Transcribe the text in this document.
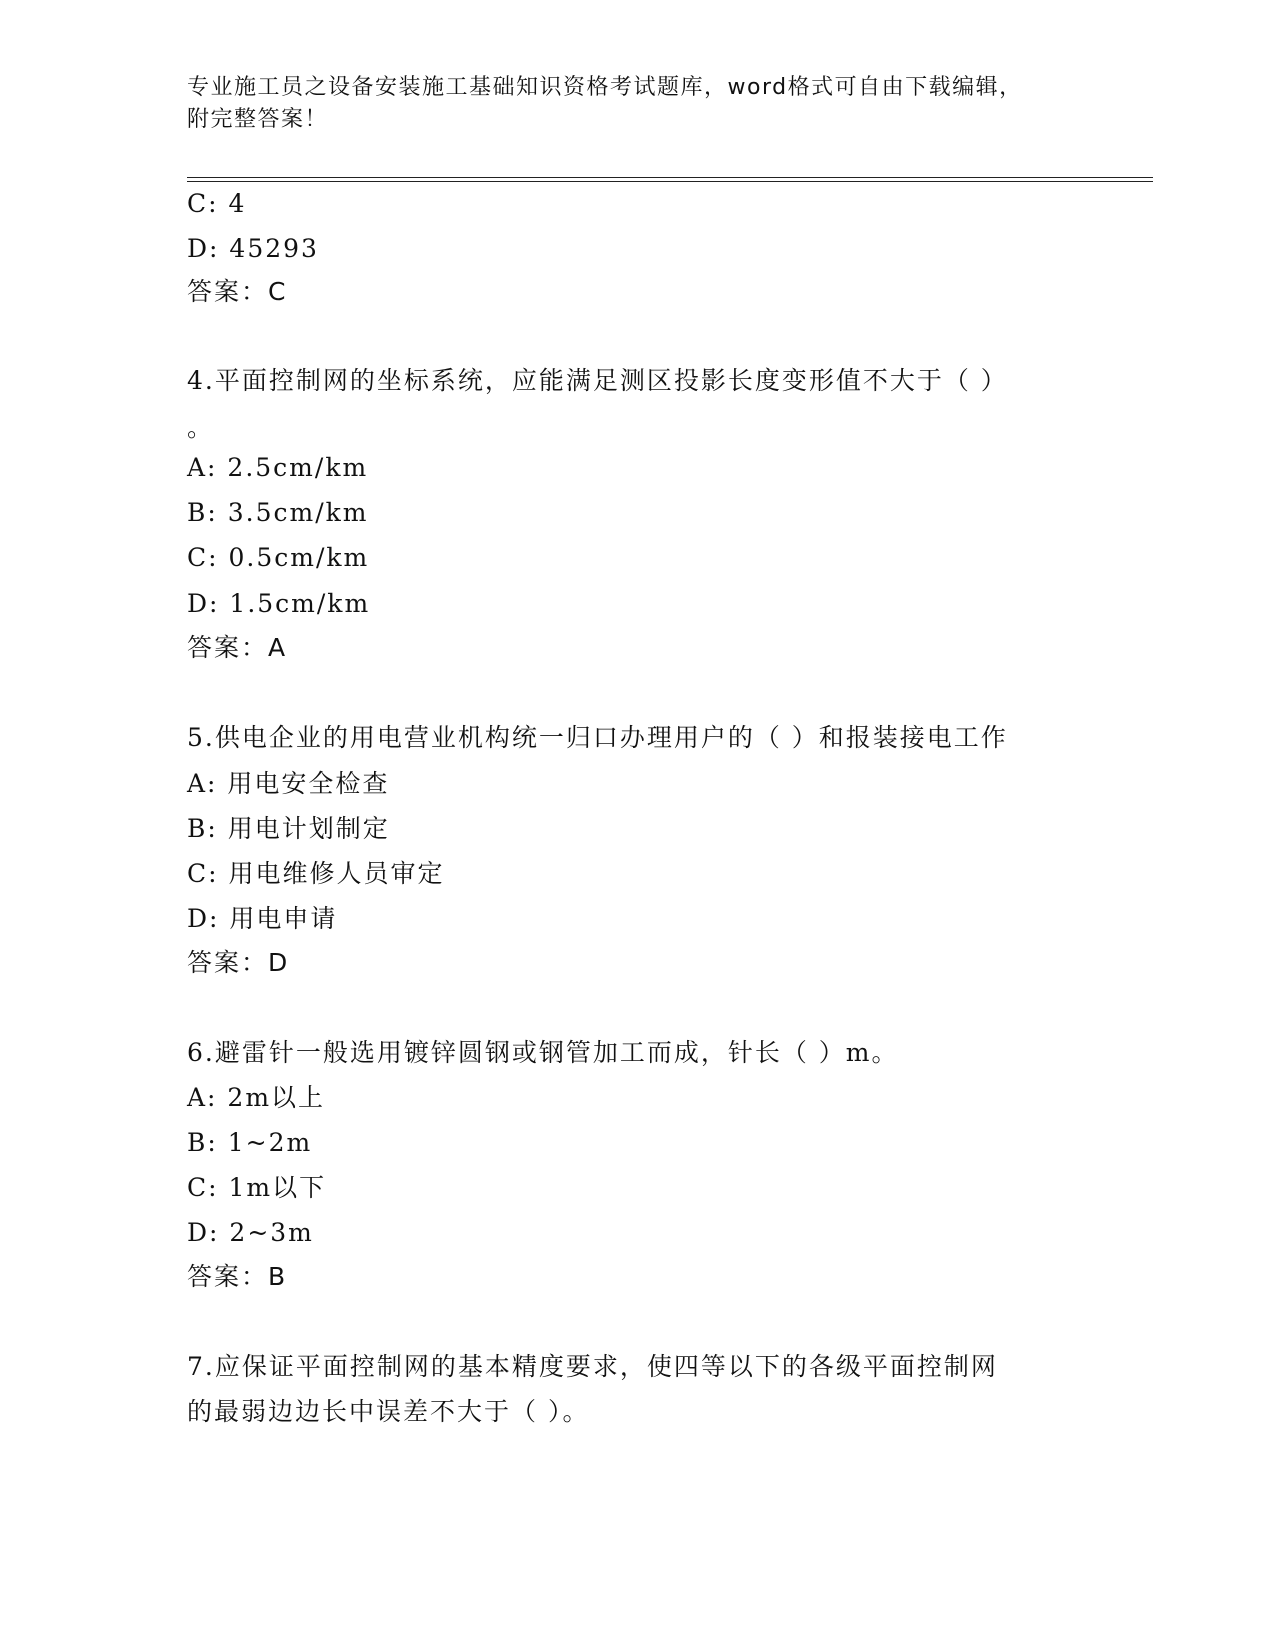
专业施工员之设备安装施工基础知识资格考试题库，word格式可自由下载编辑，
附完整答案！
C: 4
D: 45293
答案：C
4.平面控制网的坐标系统，应能满足测区投影长度变形值不大于（ ）
。
A: 2.5cm/km
B: 3.5cm/km
C: 0.5cm/km
D: 1.5cm/km
答案：A
5.供电企业的用电营业机构统一归口办理用户的（ ）和报装接电工作
A: 用电安全检查
B: 用电计划制定
C: 用电维修人员审定
D: 用电申请
答案：D
6.避雷针一般选用镀锌圆钢或钢管加工而成，针长（ ）m。
A: 2m以上
B: 1~2m
C: 1m以下
D: 2~3m
答案：B
7.应保证平面控制网的基本精度要求，使四等以下的各级平面控制网
的最弱边边长中误差不大于（ ）。
